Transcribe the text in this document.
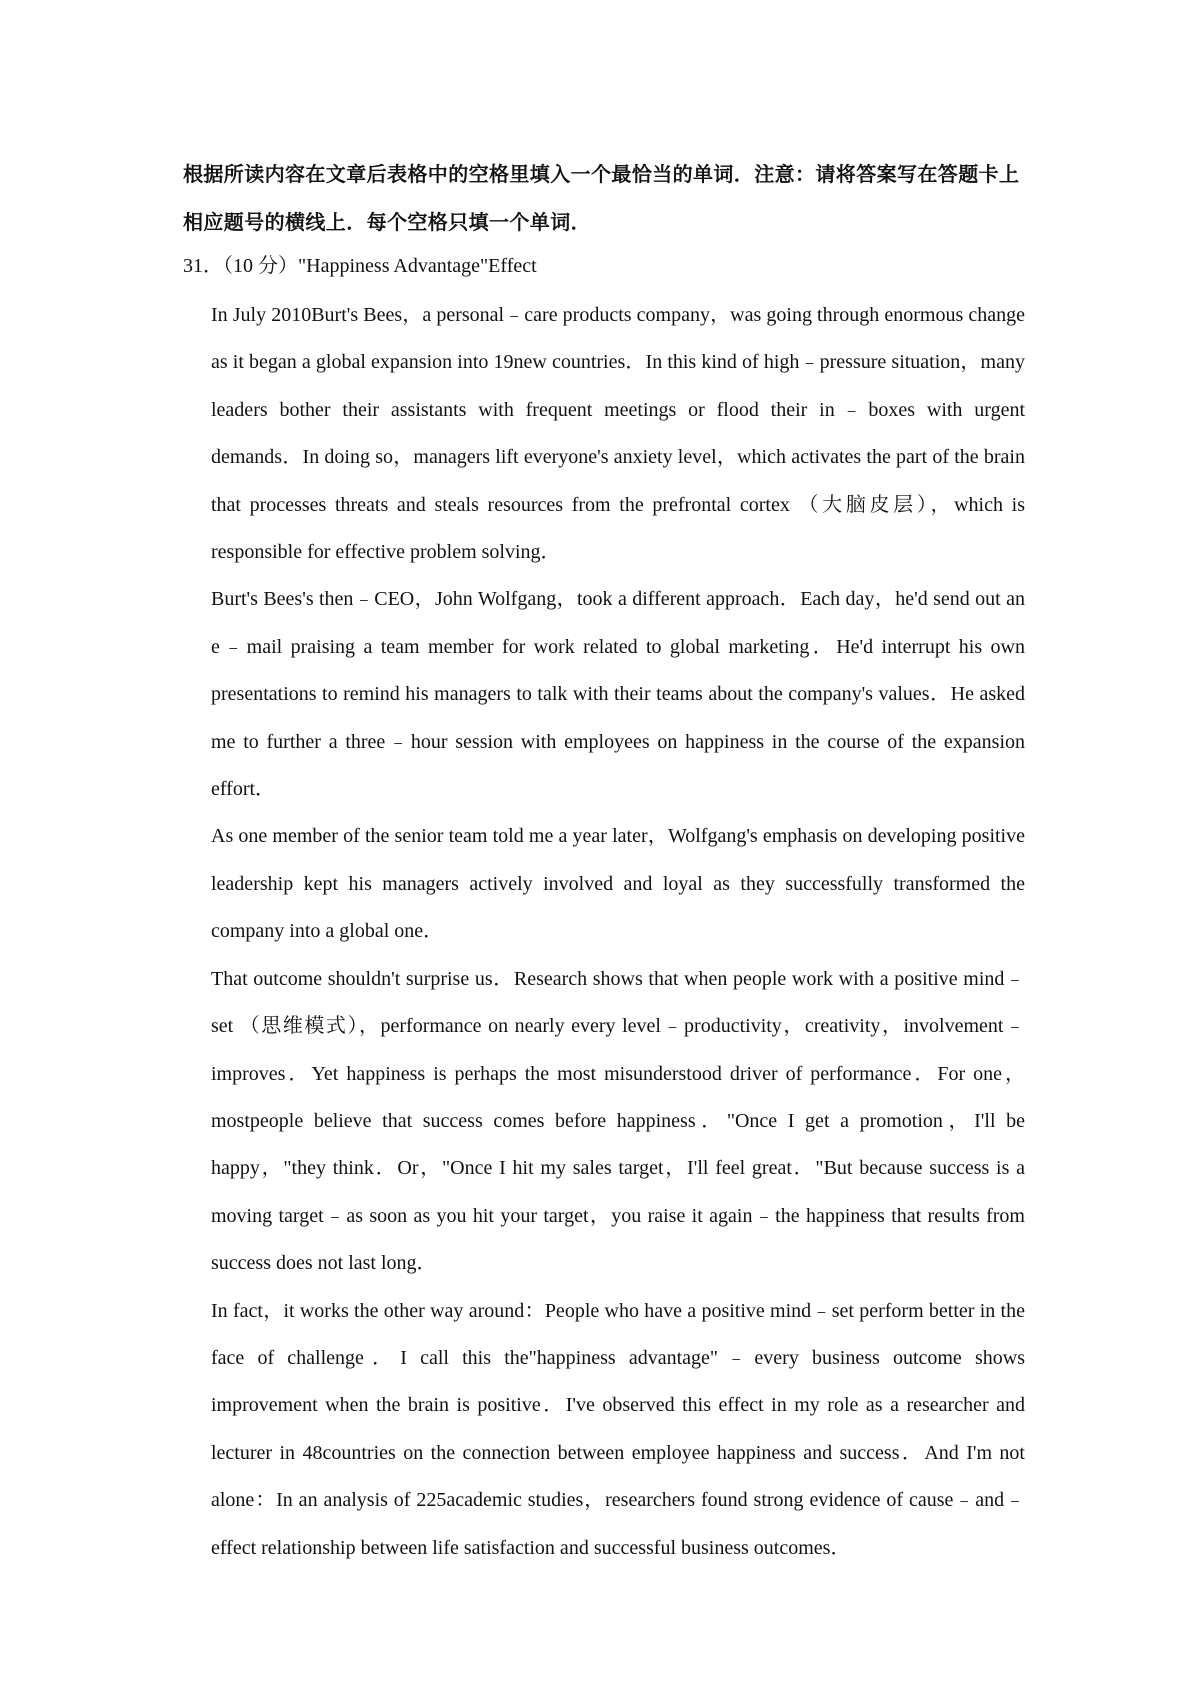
根据所读内容在文章后表格中的空格里填入一个最恰当的单词．注意：请将答案写在答题卡上相应题号的横线上．每个空格只填一个单词．
31．（10 分）"Happiness Advantage"Effect

In July 2010Burt's Bees，a personal﹣care products company，was going through enormous change as it began a global expansion into 19new countries．In this kind of high﹣pressure situation，many leaders bother their assistants with frequent meetings or flood their in﹣boxes with urgent demands．In doing so，managers lift everyone's anxiety level，which activates the part of the brain that processes threats and steals resources from the prefrontal cortex （大脑皮层），which is responsible for effective problem solving．

Burt's Bees's then﹣CEO，John Wolfgang，took a different approach．Each day，he'd send out an e﹣mail praising a team member for work related to global marketing．He'd interrupt his own presentations to remind his managers to talk with their teams about the company's values．He asked me to further a three﹣hour session with employees on happiness in the course of the expansion effort．

As one member of the senior team told me a year later，Wolfgang's emphasis on developing positive leadership kept his managers actively involved and loyal as they successfully transformed the company into a global one．

That outcome shouldn't surprise us．Research shows that when people work with a positive mind﹣set （思维模式），performance on nearly every level﹣productivity，creativity，involvement﹣improves．Yet happiness is perhaps the most misunderstood driver of performance．For one，mostpeople believe that success comes before happiness．"Once I get a promotion，I'll be happy，"they think．Or，"Once I hit my sales target，I'll feel great．"But because success is a moving target﹣as soon as you hit your target，you raise it again﹣the happiness that results from success does not last long．

In fact，it works the other way around：People who have a positive mind﹣set perform better in the face of challenge．I call this the"happiness advantage"﹣every business outcome shows improvement when the brain is positive．I've observed this effect in my role as a researcher and lecturer in 48countries on the connection between employee happiness and success．And I'm not alone：In an analysis of 225academic studies，researchers found strong evidence of cause﹣and﹣effect relationship between life satisfaction and successful business outcomes．
